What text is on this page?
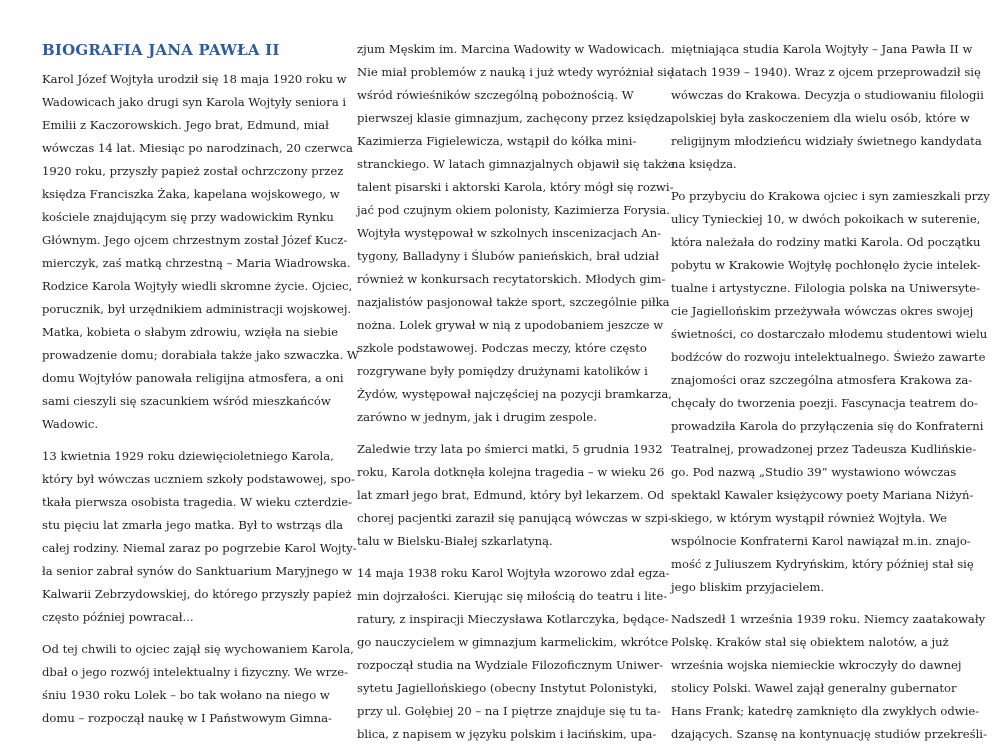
BIOGRAFIA JANA PAWŁA II

Karol Józef Wojtyła urodził się 18 maja 1920 roku w
Wadowicach jako drugi syn Karola Wojtyły seniora i
Emilii z Kaczorowskich. Jego brat, Edmund, miał
wówczas 14 lat. Miesiąc po narodzinach, 20 czerwca
1920 roku, przyszły papież został ochrzczony przez
księdza Franciszka Żaka, kapelana wojskowego, w
kościele znajdującym się przy wadowickim Rynku
Głównym. Jego ojcem chrzestnym został Józef Kucz-
mierczyk, zaś matką chrzestną – Maria Wiadrowska.
Rodzice Karola Wojtyły wiedli skromne życie. Ojciec,
porucznik, był urzędnikiem administracji wojskowej.
Matka, kobieta o słabym zdrowiu, wzięła na siebie
prowadzenie domu; dorabiała także jako szwaczka. W
domu Wojtyłów panowała religijna atmosfera, a oni
sami cieszyli się szacunkiem wśród mieszkańców
Wadowic.

13 kwietnia 1929 roku dziewięcioletniego Karola,
który był wówczas uczniem szkoły podstawowej, spo-
tkała pierwsza osobista tragedia. W wieku czterdzie-
stu pięciu lat zmarła jego matka. Był to wstrząs dla
całej rodziny. Niemal zaraz po pogrzebie Karol Wojty-
ła senior zabrał synów do Sanktuarium Maryjnego w
Kalwarii Zebrzydowskiej, do którego przyszły papież
często później powracał...

Od tej chwili to ojciec zajął się wychowaniem Karola,
dbał o jego rozwój intelektualny i fizyczny. We wrze-
śniu 1930 roku Lolek – bo tak wołano na niego w
domu – rozpoczął naukę w I Państwowym Gimna-

zjum Męskim im. Marcina Wadowity w Wadowicach.
Nie miał problemów z nauką i już wtedy wyróżniał się
wśród rówieśników szczególną pobożnością. W
pierwszej klasie gimnazjum, zachęcony przez księdza
Kazimierza Figielewicza, wstąpił do kółka mini-
stranckiego. W latach gimnazjalnych objawił się także
talent pisarski i aktorski Karola, który mógł się rozwi-
jać pod czujnym okiem polonisty, Kazimierza Forysia.
Wojtyła występował w szkolnych inscenizacjach An-
tygony, Balladyny i Ślubów panieńskich, brał udział
również w konkursach recytatorskich. Młodych gim-
nazjalistów pasjonował także sport, szczególnie piłka
nożna. Lolek grywał w nią z upodobaniem jeszcze w
szkole podstawowej. Podczas meczy, które często
rozgrywane były pomiędzy drużynami katolików i
Żydów, występował najczęściej na pozycji bramkarza,
zarówno w jednym, jak i drugim zespole.

Zaledwie trzy lata po śmierci matki, 5 grudnia 1932
roku, Karola dotknęła kolejna tragedia – w wieku 26
lat zmarł jego brat, Edmund, który był lekarzem. Od
chorej pacjentki zaraził się panującą wówczas w szpi-
talu w Bielsku-Białej szkarlatyną.

14 maja 1938 roku Karol Wojtyła wzorowo zdał egza-
min dojrzałości. Kierując się miłością do teatru i lite-
ratury, z inspiracji Mieczysława Kotlarczyka, będące-
go nauczycielem w gimnazjum karmelickim, wkrótce
rozpoczął studia na Wydziale Filozoficznym Uniwer-
sytetu Jagiellońskiego (obecny Instytut Polonistyki,
przy ul. Gołębiej 20 – na I piętrze znajduje się tu ta-
blica, z napisem w języku polskim i łacińskim, upa-

miętniająca studia Karola Wojtyły – Jana Pawła II w
latach 1939 – 1940). Wraz z ojcem przeprowadził się
wówczas do Krakowa. Decyzja o studiowaniu filologii
polskiej była zaskoczeniem dla wielu osób, które w
religijnym młodzieńcu widziały świetnego kandydata
na księdza.

Po przybyciu do Krakowa ojciec i syn zamieszkali przy
ulicy Tynieckiej 10, w dwóch pokoikach w suterenie,
która należała do rodziny matki Karola. Od początku
pobytu w Krakowie Wojtyłę pochłonęło życie intelek-
tualne i artystyczne. Filologia polska na Uniwersyte-
cie Jagiellońskim przeżywała wówczas okres swojej
świetności, co dostarczało młodemu studentowi wielu
bodźców do rozwoju intelektualnego. Świeżo zawarte
znajomości oraz szczególna atmosfera Krakowa za-
chęcały do tworzenia poezji. Fascynacja teatrem do-
prowadziła Karola do przyłączenia się do Konfraterni
Teatralnej, prowadzonej przez Tadeusza Kudlińskie-
go. Pod nazwą „Studio 39” wystawiono wówczas
spektakl Kawaler księżycowy poety Mariana Niżyń-
skiego, w którym wystąpił również Wojtyła. We
wspólnocie Konfraterni Karol nawiązał m.in. znajo-
mość z Juliuszem Kydryńskim, który później stał się
jego bliskim przyjacielem.

Nadszedł 1 września 1939 roku. Niemcy zaatakowały
Polskę. Kraków stał się obiektem nalotów, a już
września wojska niemieckie wkroczyły do dawnej
stolicy Polski. Wawel zajął generalny gubernator
Hans Frank; katedrę zamknięto dla zwykłych odwie-
dzających. Szansę na kontynuację studiów przekreśli-
